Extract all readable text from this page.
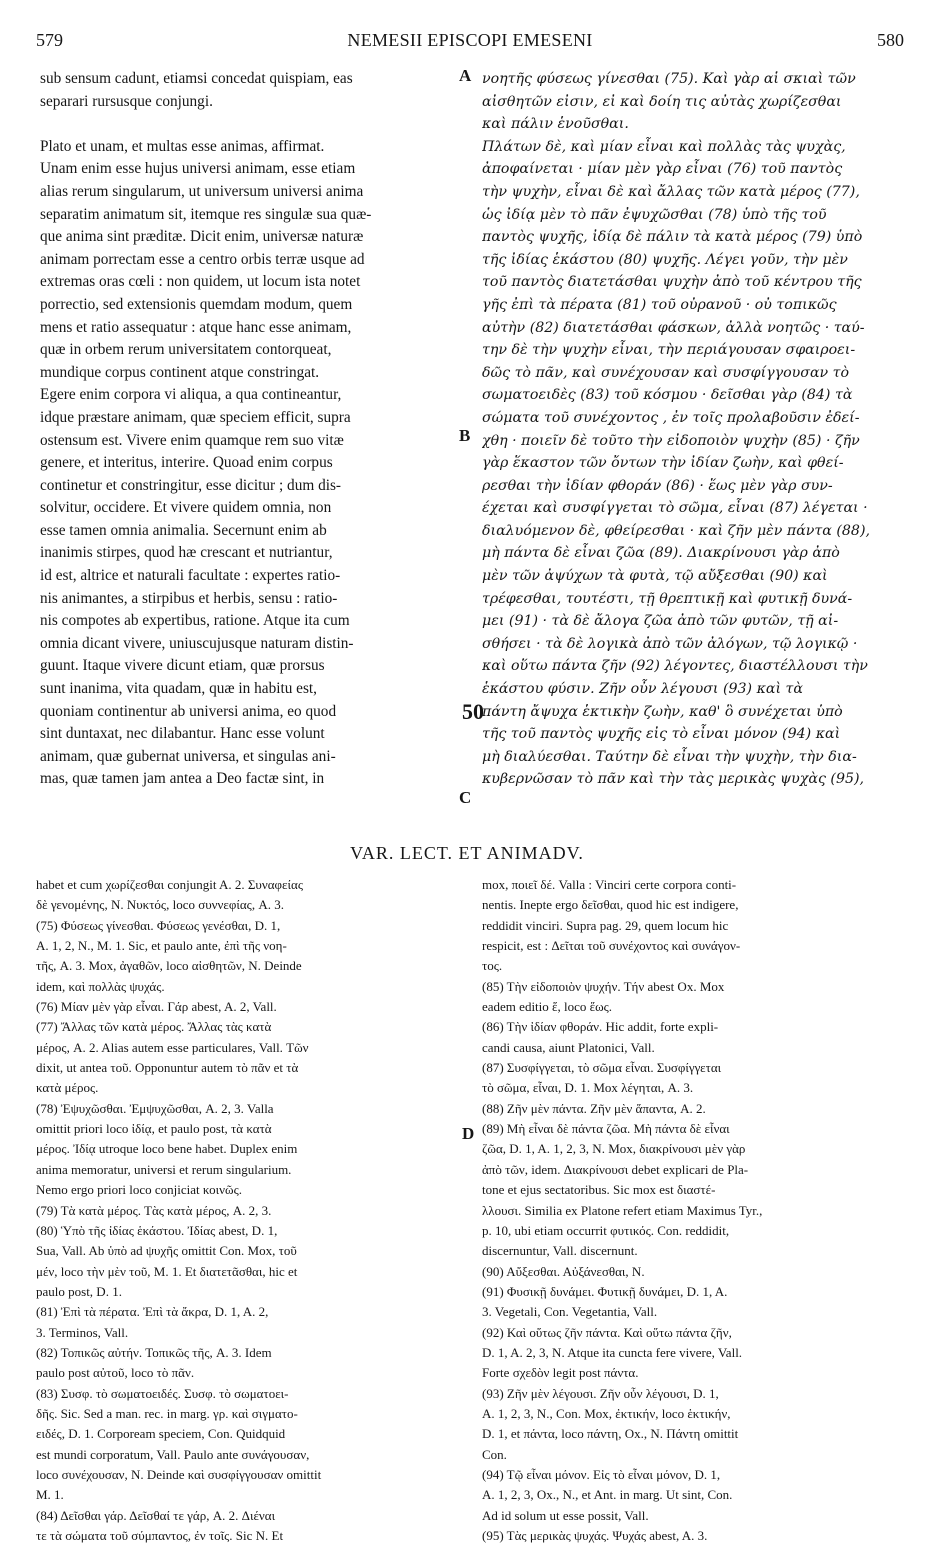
579	NEMESII EPISCOPI EMESENI	580
sub sensum cadunt, etiamsi concedat quispiam, eas
separari rursusque conjungi.
Plato et unam, et multas esse animas, affirmat.
Unam enim esse hujus universi animam, esse etiam
alias rerum singularum, ut universum universi anima
separatim animatum sit, itemque res singulæ sua quæ-
que anima sint præditæ. Dicit enim, universæ naturæ
animam porrectam esse a centro orbis terræ usque ad
extremas oras cœli : non quidem, ut locum ista notet
porrectio, sed extensionis quemdam modum, quem
mens et ratio assequatur : atque hanc esse animam,
quæ in orbem rerum universitatem contorqueat,
mundique corpus continent atque constringat.
Egere enim corpora vi aliqua, a qua contineantur,
idque præstare animam, quæ speciem efficit, supra
ostensum est. Vivere enim quamque rem suo vitæ
genere, et interitus, interire. Quoad enim corpus
continetur et constringitur, esse dicitur ; dum dis-
solvitur, occidere. Et vivere quidem omnia, non
esse tamen omnia animalia. Secernunt enim ab
inanimis stirpes, quod hæ crescant et nutriantur,
id est, altrice et naturali facultate : expertes ratio-
nis animantes, a stirpibus et herbis, sensu : ratio-
nis compotes ab expertibus, ratione. Atque ita cum
omnia dicant vivere, uniuscujusque naturam distin-
guunt. Itaque vivere dicunt etiam, quæ prorsus
sunt inanima, vita quadam, quæ in habitu est,
quoniam continentur ab universi anima, eo quod
sint duntaxat, nec dilabantur. Hanc esse volunt
animam, quæ gubernat universa, et singulas ani-
mas, quæ tamen jam antea a Deo factæ sint, in
νοητῆς φύσεως γίνεσθαι (75). Καὶ γὰρ αἱ σκιαὶ τῶν
αἰσθητῶν εἰσιν, εἰ καὶ δοίη τις αὐτὰς χωρίζεσθαι
καὶ πάλιν ἑνοῦσθαι.
Πλάτων δὲ, καὶ μίαν εἶναι καὶ πολλὰς τὰς ψυχὰς,
ἀποφαίνεται · μίαν μὲν γὰρ εἶναι (76) τοῦ παντὸς
τὴν ψυχὴν, εἶναι δὲ καὶ ἄλλας τῶν κατὰ μέρος (77),
ὡς ἰδίᾳ μὲν τὸ πᾶν ἐψυχῶσθαι (78) ὑπὸ τῆς τοῦ
παντὸς ψυχῆς, ἰδίᾳ δὲ πάλιν τὰ κατὰ μέρος (79) ὑπὸ
τῆς ἰδίας ἑκάστου (80) ψυχῆς. Λέγει γοῦν, τὴν μὲν
τοῦ παντὸς διατετάσθαι ψυχὴν ἀπὸ τοῦ κέντρου τῆς
γῆς ἐπὶ τὰ πέρατα (81) τοῦ οὐρανοῦ · οὐ τοπικῶς
αὐτὴν (82) διατετάσθαι φάσκων, ἀλλὰ νοητῶς · ταύ-
την δὲ τὴν ψυχὴν εἶναι, τὴν περιάγουσαν σφαιροει-
δῶς τὸ πᾶν, καὶ συνέχουσαν καὶ συσφίγγουσαν τὸ
σωματοειδὲς (83) τοῦ κόσμου · δεῖσθαι γὰρ (84) τὰ
σώματα τοῦ συνέχοντος , ἐν τοῖς προλαβοῦσιν ἐδεί-
χθη · ποιεῖν δὲ τοῦτο τὴν εἰδοποιὸν ψυχὴν (85) · ζῆν
γὰρ ἕκαστον τῶν ὄντων τὴν ἰδίαν ζωὴν, καὶ φθεί-
ρεσθαι τὴν ἰδίαν φθοράν (86) · ἕως μὲν γὰρ συν-
έχεται καὶ συσφίγγεται τὸ σῶμα, εἶναι (87) λέγεται ·
διαλυόμενον δὲ, φθείρεσθαι · καὶ ζῆν μὲν πάντα (88),
μὴ πάντα δὲ εἶναι ζῶα (89). Διακρίνουσι γὰρ ἀπὸ
μὲν τῶν ἀψύχων τὰ φυτὰ, τῷ αὔξεσθαι (90) καὶ
τρέφεσθαι, τουτέστι, τῇ θρεπτικῇ καὶ φυτικῇ δυνά-
μει (91) · τὰ δὲ ἄλογα ζῶα ἀπὸ τῶν φυτῶν, τῇ αἰ-
σθήσει · τὰ δὲ λογικὰ ἀπὸ τῶν ἀλόγων, τῷ λογικῷ ·
καὶ οὕτω πάντα ζῆν (92) λέγοντες, διαστέλλουσι τὴν
ἑκάστου φύσιν. Ζῆν οὖν λέγουσι (93) καὶ τὰ
πάντη ἄψυχα ἑκτικὴν ζωὴν, καθ' ὃ συνέχεται ὑπὸ
τῆς τοῦ παντὸς ψυχῆς εἰς τὸ εἶναι μόνον (94) καὶ
μὴ διαλύεσθαι. Ταύτην δὲ εἶναι τὴν ψυχὴν, τὴν δια-
κυβερνῶσαν τὸ πᾶν καὶ τὴν τὰς μερικὰς ψυχὰς (95),
A
B
50
C
D
VAR. LECT. ET ANIMADV.
habet et cum χωρίζεσθαι conjungit A. 2. Συναφείας
δὲ γενομένης, N. Νυκτός, loco συννεφίας, A. 3.
(75) Φύσεως γίνεσθαι. Φύσεως γενέσθαι, D. 1,
A. 1, 2, N., M. 1. Sic, et paulo ante, ἐπὶ τῆς νοη-
τῆς, A. 3. Mox, ἀγαθῶν, loco αἰσθητῶν, N. Deinde
idem, καὶ πολλὰς ψυχάς.
(76) Μίαν μὲν γὰρ εἶναι. Γάρ abest, A. 2, Vall.
(77) Ἄλλας τῶν κατὰ μέρος. Ἄλλας τὰς κατὰ
μέρος, A. 2. Alias autem esse particulares, Vall. Τῶν
dixit, ut antea τοῦ. Opponuntur autem τὸ πᾶν et τὰ
κατὰ μέρος.
(78) Ἐψυχῶσθαι. Ἐμψυχῶσθαι, A. 2, 3. Valla
omittit priori loco ἰδίᾳ, et paulo post, τὰ κατὰ
μέρος. Ἰδίᾳ utroque loco bene habet. Duplex enim
anima memoratur, universi et rerum singularium.
Nemo ergo priori loco conjiciat κοινῶς.
(79) Τὰ κατὰ μέρος. Τὰς κατὰ μέρος, A. 2, 3.
(80) Ὑπὸ τῆς ἰδίας ἑκάστου. Ἰδίας abest, D. 1,
Sua, Vall. Ab ὑπὸ ad ψυχῆς omittit Con. Mox, τοῦ
μέν, loco τὴν μὲν τοῦ, M. 1. Et διατετᾶσθαι, hic et
paulo post, D. 1.
(81) Ἐπὶ τὰ πέρατα. Ἐπὶ τὰ ἄκρα, D. 1, A. 2,
3. Terminos, Vall.
(82) Τοπικῶς αὐτήν. Τοπικῶς τῆς, A. 3. Idem
paulo post αὐτοῦ, loco τὸ πᾶν.
(83) Συσφ. τὸ σωματοειδές. Συσφ. τὸ σωματοει-
δῆς. Sic. Sed a man. rec. in marg. γρ. καὶ σιγματο-
ειδές, D. 1. Corpoream speciem, Con. Quidquid
est mundi corporatum, Vall. Paulo ante συνάγουσαν,
loco συνέχουσαν, N. Deinde καὶ συσφίγγουσαν omittit
M. 1.
(84) Δεῖσθαι γάρ. Δεῖσθαί τε γάρ, A. 2. Διέναι
τε τὰ σώματα τοῦ σύμπαντος, ἐν τοῖς. Sic N. Et
mox, ποιεῖ δέ. Valla : Vinciri certe corpora conti-
nentis. Inepte ergo δεῖσθαι, quod hic est indigere,
reddidit vinciri. Supra pag. 29, quem locum hic
respicit, est : Δεῖται τοῦ συνέχοντος καὶ συνάγον-
τος.
(85) Τὴν εἰδοποιὸν ψυχήν. Τήν abest Ox. Mox
eadem editio ἕ, loco ἕως.
(86) Τὴν ἰδίαν φθοράν. Hic addit, forte expli-
candi causa, aiunt Platonici, Vall.
(87) Συσφίγγεται, τὸ σῶμα εἶναι. Συσφίγγεται
τὸ σῶμα, εἶναι, D. 1. Mox λέγηται, A. 3.
(88) Ζῆν μὲν πάντα. Ζῆν μὲν ἅπαντα, A. 2.
(89) Μὴ εἶναι δὲ πάντα ζῶα. Μὴ πάντα δὲ εἶναι
ζῶα, D. 1, A. 1, 2, 3, N. Mox, διακρίνουσι μὲν γὰρ
ἀπὸ τῶν, idem. Διακρίνουσι debet explicari de Pla-
tone et ejus sectatoribus. Sic mox est διαστέ-
λλουσι. Similia ex Platone refert etiam Maximus Tyr.,
p. 10, ubi etiam occurrit φυτικός. Con. reddidit,
discernuntur, Vall. discernunt.
(90) Αὔξεσθαι. Αὐξάνεσθαι, N.
(91) Φυσικῇ δυνάμει. Φυτικῇ δυνάμει, D. 1, A.
3. Vegetali, Con. Vegetantia, Vall.
(92) Καὶ οὕτως ζῆν πάντα. Καὶ οὕτω πάντα ζῆν,
D. 1, A. 2, 3, N. Atque ita cuncta fere vivere, Vall.
Forte σχεδὸν legit post πάντα.
(93) Ζῆν μὲν λέγουσι. Ζῆν οὖν λέγουσι, D. 1,
A. 1, 2, 3, N., Con. Mox, ἐκτικήν, loco ἑκτικήν,
D. 1, et πάντα, loco πάντη, Ox., N. Πάντη omittit
Con.
(94) Τῷ εἶναι μόνον. Εἰς τὸ εἶναι μόνον, D. 1,
A. 1, 2, 3, Ox., N., et Ant. in marg. Ut sint, Con.
Ad id solum ut esse possit, Vall.
(95) Τὰς μερικὰς ψυχάς. Ψυχάς abest, A. 3.
